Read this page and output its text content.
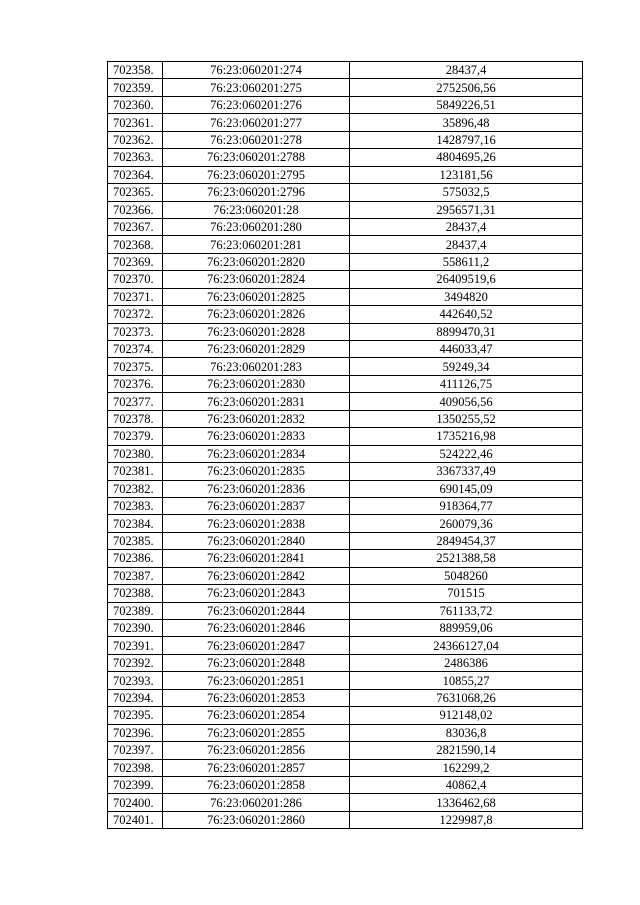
702358.	76:23:060201:274	28437,4
702359.	76:23:060201:275	2752506,56
702360.	76:23:060201:276	5849226,51
702361.	76:23:060201:277	35896,48
702362.	76:23:060201:278	1428797,16
702363.	76:23:060201:2788	4804695,26
702364.	76:23:060201:2795	123181,56
702365.	76:23:060201:2796	575032,5
702366.	76:23:060201:28	2956571,31
702367.	76:23:060201:280	28437,4
702368.	76:23:060201:281	28437,4
702369.	76:23:060201:2820	558611,2
702370.	76:23:060201:2824	26409519,6
702371.	76:23:060201:2825	3494820
702372.	76:23:060201:2826	442640,52
702373.	76:23:060201:2828	8899470,31
702374.	76:23:060201:2829	446033,47
702375.	76:23:060201:283	59249,34
702376.	76:23:060201:2830	411126,75
702377.	76:23:060201:2831	409056,56
702378.	76:23:060201:2832	1350255,52
702379.	76:23:060201:2833	1735216,98
702380.	76:23:060201:2834	524222,46
702381.	76:23:060201:2835	3367337,49
702382.	76:23:060201:2836	690145,09
702383.	76:23:060201:2837	918364,77
702384.	76:23:060201:2838	260079,36
702385.	76:23:060201:2840	2849454,37
702386.	76:23:060201:2841	2521388,58
702387.	76:23:060201:2842	5048260
702388.	76:23:060201:2843	701515
702389.	76:23:060201:2844	761133,72
702390.	76:23:060201:2846	889959,06
702391.	76:23:060201:2847	24366127,04
702392.	76:23:060201:2848	2486386
702393.	76:23:060201:2851	10855,27
702394.	76:23:060201:2853	7631068,26
702395.	76:23:060201:2854	912148,02
702396.	76:23:060201:2855	83036,8
702397.	76:23:060201:2856	2821590,14
702398.	76:23:060201:2857	162299,2
702399.	76:23:060201:2858	40862,4
702400.	76:23:060201:286	1336462,68
702401.	76:23:060201:2860	1229987,8
